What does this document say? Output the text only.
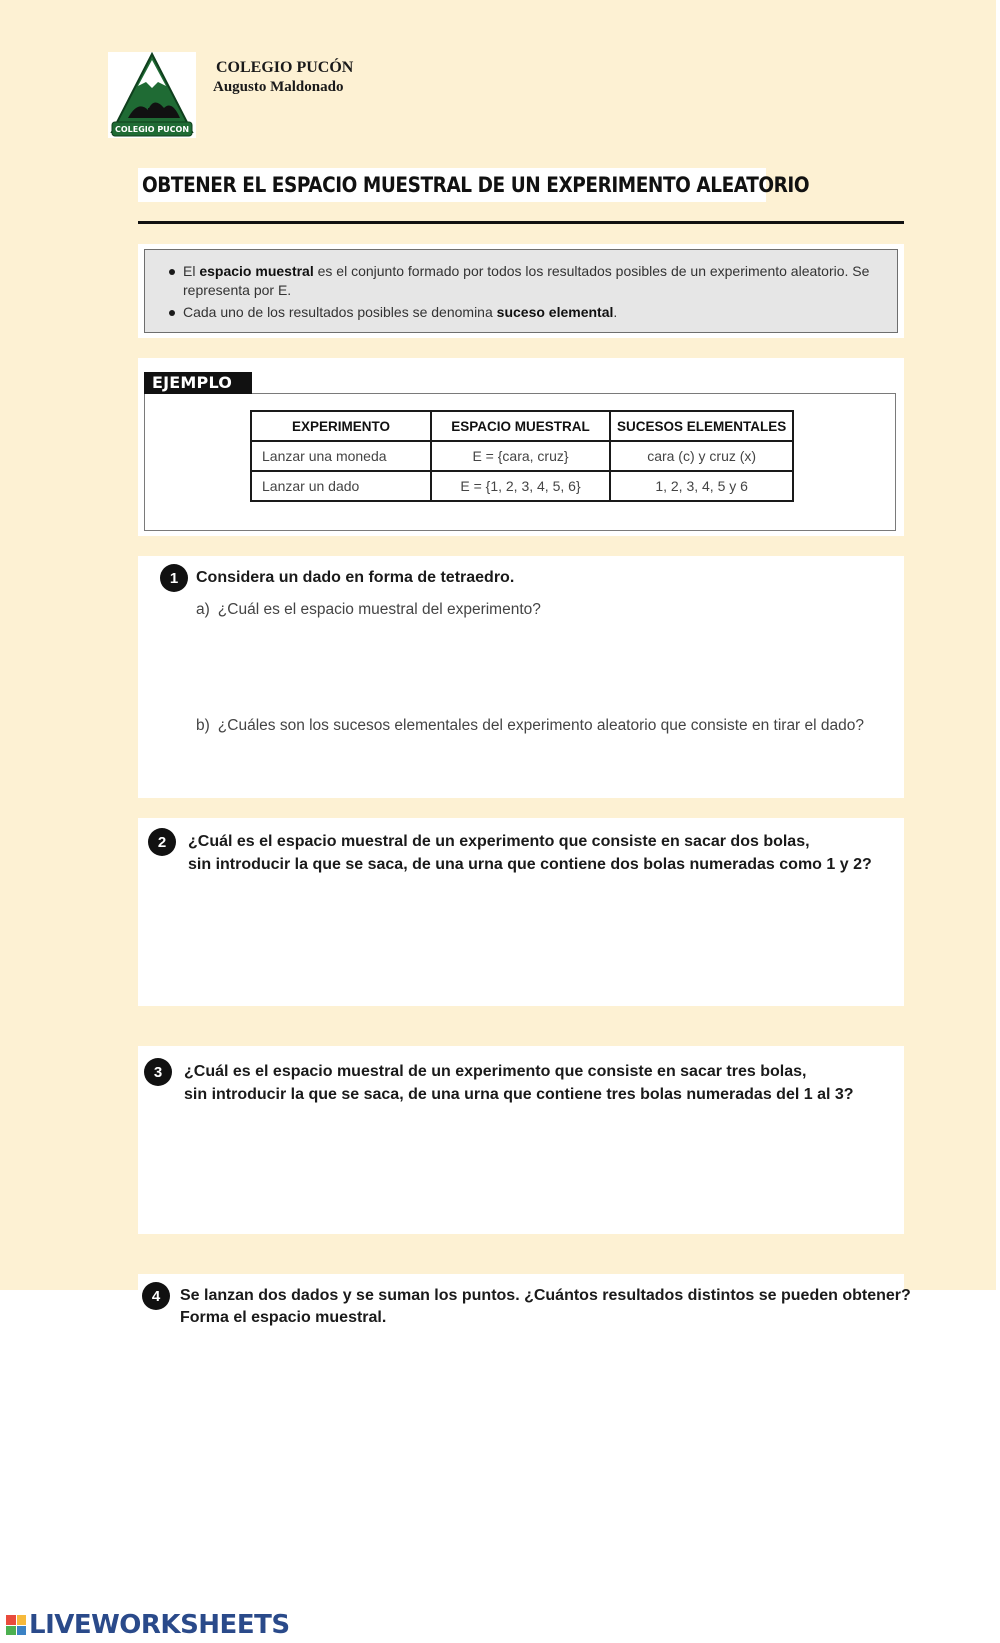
COLEGIO PUCON
COLEGIO PUCÓN
Augusto Maldonado
OBTENER EL ESPACIO MUESTRAL DE UN EXPERIMENTO ALEATORIO
El espacio muestral es el conjunto formado por todos los resultados posibles de un experimento aleatorio. Se representa por E.
Cada uno de los resultados posibles se denomina suceso elemental.
EJEMPLO
EXPERIMENTO	ESPACIO MUESTRAL	SUCESOS ELEMENTALES
Lanzar una moneda	E = {cara, cruz}	cara (c) y cruz (x)
Lanzar un dado	E = {1, 2, 3, 4, 5, 6}	1, 2, 3, 4, 5 y 6
1	Considera un dado en forma de tetraedro.
a) ¿Cuál es el espacio muestral del experimento?
b) ¿Cuáles son los sucesos elementales del experimento aleatorio que consiste en tirar el dado?
2	¿Cuál es el espacio muestral de un experimento que consiste en sacar dos bolas,
sin introducir la que se saca, de una urna que contiene dos bolas numeradas como 1 y 2?
3	¿Cuál es el espacio muestral de un experimento que consiste en sacar tres bolas,
sin introducir la que se saca, de una urna que contiene tres bolas numeradas del 1 al 3?
4	Se lanzan dos dados y se suman los puntos. ¿Cuántos resultados distintos se pueden obtener?
Forma el espacio muestral.
LIVEWORKSHEETS
